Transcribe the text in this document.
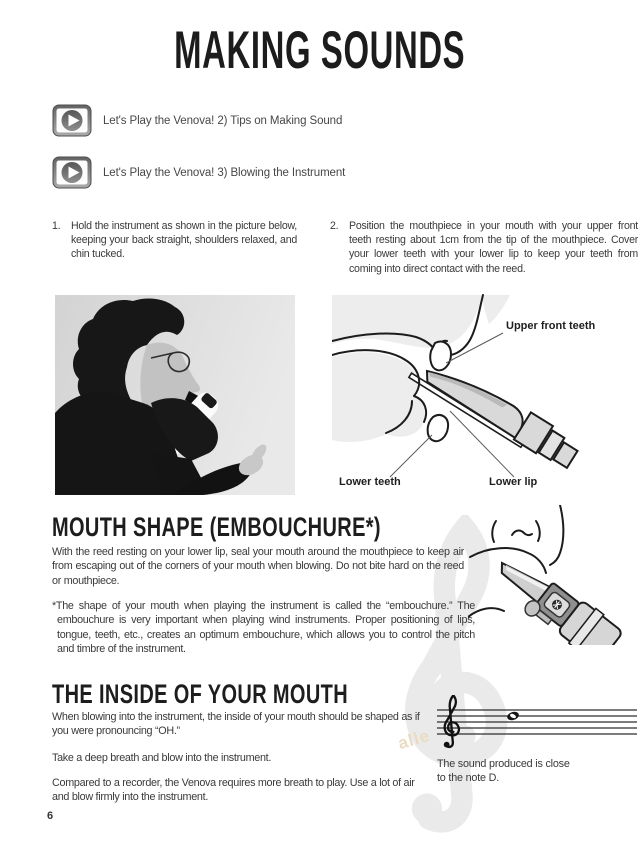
alle
MAKING SOUNDS
Let's Play the Venova! 2) Tips on Making Sound
Let's Play the Venova! 3) Blowing the Instrument
1.	Hold the instrument as shown in the picture below, keeping your back straight, shoulders relaxed, and chin tucked.
2.	Position the mouthpiece in your mouth with your upper front teeth resting about 1cm from the tip of the mouthpiece. Cover your lower teeth with your lower lip to keep your teeth from coming into direct contact with the reed.
Upper front teeth
Lower teeth	Lower lip
MOUTH SHAPE (EMBOUCHURE*)
With the reed resting on your lower lip, seal your mouth around the mouthpiece to keep air from escaping out of the corners of your mouth when blowing. Do not bite hard on the reed or mouthpiece.
*The shape of your mouth when playing the instrument is called the “embouchure.” The embouchure is very important when playing wind instruments. Proper positioning of lips, tongue, teeth, etc., creates an optimum embouchure, which allows you to control the pitch and timbre of the instrument.
THE INSIDE OF YOUR MOUTH
When blowing into the instrument, the inside of your mouth should be shaped as if you were pronouncing “OH.”
Take a deep breath and blow into the instrument.
Compared to a recorder, the Venova requires more breath to play. Use a lot of air and blow firmly into the instrument.
The sound produced is close to the note D.
6
